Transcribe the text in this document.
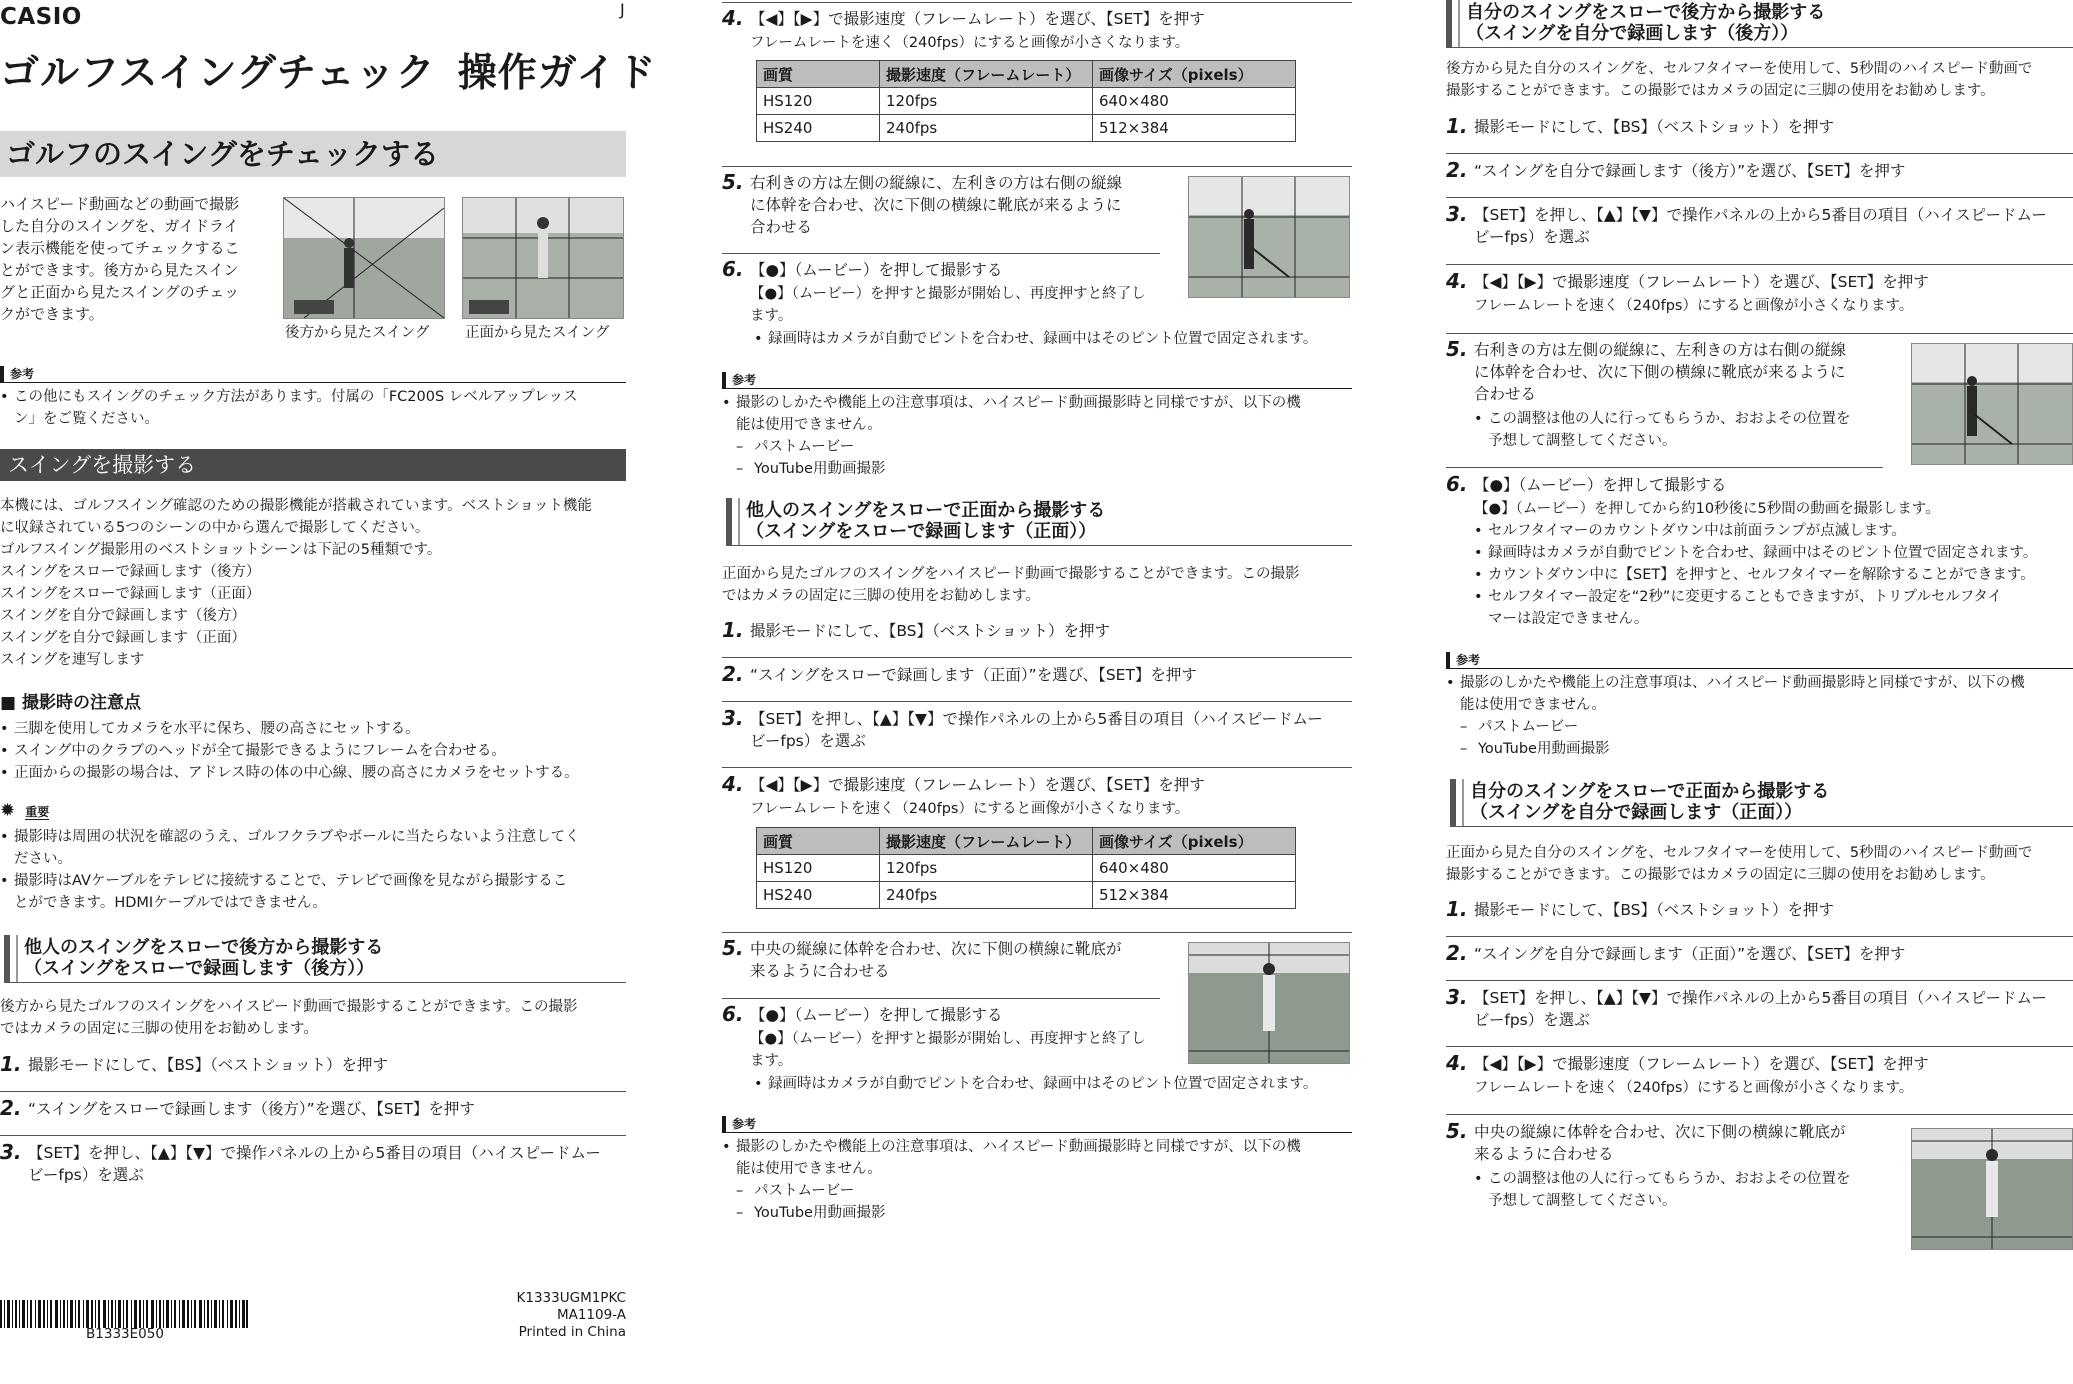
CASIO	J
ゴルフスイングチェック 操作ガイド
ゴルフのスイングをチェックする
ハイスピード動画などの動画で撮影
した自分のスイングを、ガイドライ
ン表示機能を使ってチェックするこ
とができます。後方から見たスイン
グと正面から見たスイングのチェッ
クができます。
後方から見たスイング 正面から見たスイング
参考
• この他にもスイングのチェック方法があります。付属の「FC200S レベルアップレッス
ン」をご覧ください。
スイングを撮影する
本機には、ゴルフスイング確認のための撮影機能が搭載されています。ベストショット機能
に収録されている5つのシーンの中から選んで撮影してください。
ゴルフスイング撮影用のベストショットシーンは下記の5種類です。
スイングをスローで録画します（後方）
スイングをスローで録画します（正面）
スイングを自分で録画します（後方）
スイングを自分で録画します（正面）
スイングを連写します
■ 撮影時の注意点
• 三脚を使用してカメラを水平に保ち、腰の高さにセットする。
• スイング中のクラブのヘッドが全て撮影できるようにフレームを合わせる。
• 正面からの撮影の場合は、アドレス時の体の中心線、腰の高さにカメラをセットする。
✹ 重要
• 撮影時は周囲の状況を確認のうえ、ゴルフクラブやボールに当たらないよう注意してく
ださい。
• 撮影時はAVケーブルをテレビに接続することで、テレビで画像を見ながら撮影するこ
とができます。HDMIケーブルではできません。
他人のスイングをスローで後方から撮影する
（スイングをスローで録画します（後方））
後方から見たゴルフのスイングをハイスピード動画で撮影することができます。この撮影
ではカメラの固定に三脚の使用をお勧めします。
1. 撮影モードにして、【BS】（ベストショット）を押す
2. “スイングをスローで録画します（後方）”を選び、【SET】を押す
3. 【SET】を押し、【▲】【▼】で操作パネルの上から5番目の項目（ハイスピードムー
ビーfps）を選ぶ
B1333E050
K1333UGM1PKC
MA1109-A
Printed in China
4. 【◀】【▶】で撮影速度（フレームレート）を選び、【SET】を押す
フレームレートを速く（240fps）にすると画像が小さくなります。
画質	撮影速度（フレームレート）	画像サイズ（pixels）
HS120	120fps	640×480
HS240	240fps	512×384
5. 右利きの方は左側の縦線に、左利きの方は右側の縦線
に体幹を合わせ、次に下側の横線に靴底が来るように
合わせる
6. 【●】（ムービー）を押して撮影する
【●】（ムービー）を押すと撮影が開始し、再度押すと終了し
ます。
• 録画時はカメラが自動でピントを合わせ、録画中はそのピント位置で固定されます。
参考
• 撮影のしかたや機能上の注意事項は、ハイスピード動画撮影時と同様ですが、以下の機
能は使用できません。
– パストムービー
– YouTube用動画撮影
他人のスイングをスローで正面から撮影する
（スイングをスローで録画します（正面））
正面から見たゴルフのスイングをハイスピード動画で撮影することができます。この撮影
ではカメラの固定に三脚の使用をお勧めします。
1. 撮影モードにして、【BS】（ベストショット）を押す
2. “スイングをスローで録画します（正面）”を選び、【SET】を押す
3. 【SET】を押し、【▲】【▼】で操作パネルの上から5番目の項目（ハイスピードムー
ビーfps）を選ぶ
4. 【◀】【▶】で撮影速度（フレームレート）を選び、【SET】を押す
フレームレートを速く（240fps）にすると画像が小さくなります。
画質	撮影速度（フレームレート）	画像サイズ（pixels）
HS120	120fps	640×480
HS240	240fps	512×384
5. 中央の縦線に体幹を合わせ、次に下側の横線に靴底が
来るように合わせる
6. 【●】（ムービー）を押して撮影する
【●】（ムービー）を押すと撮影が開始し、再度押すと終了し
ます。
• 録画時はカメラが自動でピントを合わせ、録画中はそのピント位置で固定されます。
参考
• 撮影のしかたや機能上の注意事項は、ハイスピード動画撮影時と同様ですが、以下の機
能は使用できません。
– パストムービー
– YouTube用動画撮影
自分のスイングをスローで後方から撮影する
（スイングを自分で録画します（後方））
後方から見た自分のスイングを、セルフタイマーを使用して、5秒間のハイスピード動画で
撮影することができます。この撮影ではカメラの固定に三脚の使用をお勧めします。
1. 撮影モードにして、【BS】（ベストショット）を押す
2. “スイングを自分で録画します（後方）”を選び、【SET】を押す
3. 【SET】を押し、【▲】【▼】で操作パネルの上から5番目の項目（ハイスピードムー
ビーfps）を選ぶ
4. 【◀】【▶】で撮影速度（フレームレート）を選び、【SET】を押す
フレームレートを速く（240fps）にすると画像が小さくなります。
5. 右利きの方は左側の縦線に、左利きの方は右側の縦線
に体幹を合わせ、次に下側の横線に靴底が来るように
合わせる
• この調整は他の人に行ってもらうか、おおよその位置を
予想して調整してください。
6. 【●】（ムービー）を押して撮影する
【●】（ムービー）を押してから約10秒後に5秒間の動画を撮影します。
• セルフタイマーのカウントダウン中は前面ランプが点滅します。
• 録画時はカメラが自動でピントを合わせ、録画中はそのピント位置で固定されます。
• カウントダウン中に【SET】を押すと、セルフタイマーを解除することができます。
• セルフタイマー設定を“2秒”に変更することもできますが、トリプルセルフタイ
マーは設定できません。
参考
• 撮影のしかたや機能上の注意事項は、ハイスピード動画撮影時と同様ですが、以下の機
能は使用できません。
– パストムービー
– YouTube用動画撮影
自分のスイングをスローで正面から撮影する
（スイングを自分で録画します（正面））
正面から見た自分のスイングを、セルフタイマーを使用して、5秒間のハイスピード動画で
撮影することができます。この撮影ではカメラの固定に三脚の使用をお勧めします。
1. 撮影モードにして、【BS】（ベストショット）を押す
2. “スイングを自分で録画します（正面）”を選び、【SET】を押す
3. 【SET】を押し、【▲】【▼】で操作パネルの上から5番目の項目（ハイスピードムー
ビーfps）を選ぶ
4. 【◀】【▶】で撮影速度（フレームレート）を選び、【SET】を押す
フレームレートを速く（240fps）にすると画像が小さくなります。
5. 中央の縦線に体幹を合わせ、次に下側の横線に靴底が
来るように合わせる
• この調整は他の人に行ってもらうか、おおよその位置を
予想して調整してください。
